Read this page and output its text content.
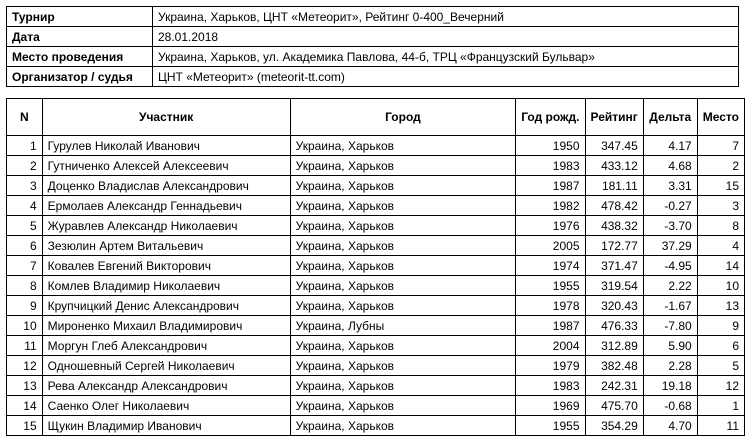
Турнир	Украина, Харьков, ЦНТ «Метеорит», Рейтинг 0-400_Вечерний
Дата	28.01.2018
Место проведения	Украина, Харьков, ул. Академика Павлова, 44-б, ТРЦ «Французский Бульвар»
Организатор / судья	ЦНТ «Метеорит» (meteorit-tt.com)
N	Участник	Город	Год рожд.	Рейтинг	Дельта	Место
1	Гурулев Николай Иванович	Украина, Харьков	1950	347.45	4.17	7
2	Гутниченко Алексей Алексеевич	Украина, Харьков	1983	433.12	4.68	2
3	Доценко Владислав Александрович	Украина, Харьков	1987	181.11	3.31	15
4	Ермолаев Александр Геннадьевич	Украина, Харьков	1982	478.42	-0.27	3
5	Журавлев Александр Николаевич	Украина, Харьков	1976	438.32	-3.70	8
6	Зезюлин Артем Витальевич	Украина, Харьков	2005	172.77	37.29	4
7	Ковалев Евгений Викторович	Украина, Харьков	1974	371.47	-4.95	14
8	Комлев Владимир Николаевич	Украина, Харьков	1955	319.54	2.22	10
9	Крупчицкий Денис Александрович	Украина, Харьков	1978	320.43	-1.67	13
10	Мироненко Михаил Владимирович	Украина, Лубны	1987	476.33	-7.80	9
11	Моргун Глеб Александрович	Украина, Харьков	2004	312.89	5.90	6
12	Одношевный Сергей Николаевич	Украина, Харьков	1979	382.48	2.28	5
13	Рева Александр Александрович	Украина, Харьков	1983	242.31	19.18	12
14	Саенко Олег Николаевич	Украина, Харьков	1969	475.70	-0.68	1
15	Щукин Владимир Иванович	Украина, Харьков	1955	354.29	4.70	11
